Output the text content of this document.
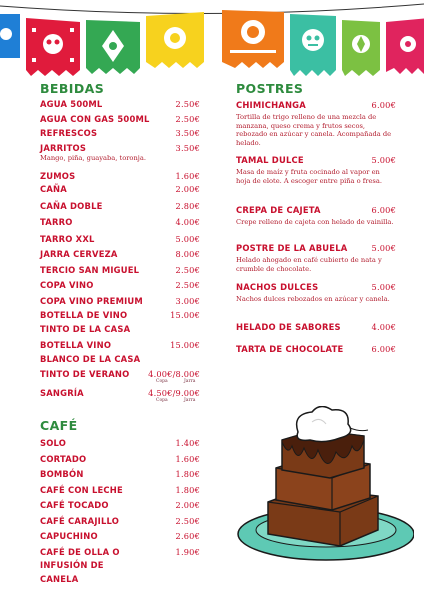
BEBIDAS
AGUA 500ML	2.50€
AGUA CON GAS 500ML	2.50€
REFRESCOS	3.50€
JARRITOS	3.50€
Mango, piña, guayaba, toronja.
ZUMOS	1.60€
CAÑA	2.00€
CAÑA DOBLE	2.80€
TARRO	4.00€
TARRO XXL	5.00€
JARRA CERVEZA	8.00€
TERCIO SAN MIGUEL	2.50€
COPA VINO	2.50€
COPA VINO PREMIUM	3.00€
BOTELLA DE VINO TINTO DE LA CASA
15.00€
BOTELLA VINO BLANCO DE LA CASA
15.00€
TINTO DE VERANO	4.00€/8.00€
Copa	Jarra
SANGRÍA	4.50€/9.00€
Copa	Jarra
CAFÉ
SOLO	1.40€
CORTADO	1.60€
BOMBÓN	1.80€
CAFÉ CON LECHE	1.80€
CAFÉ TOCADO	2.00€
CAFÉ CARAJILLO	2.50€
CAPUCHINO	2.60€
CAFÉ DE OLLA O INFUSIÓN DE CANELA
1.90€
POSTRES
CHIMICHANGA	6.00€
Tortilla de trigo relleno de una mezcla de manzana, queso crema y frutos secos, rebozado en azúcar y canela. Acompañada de helado.
TAMAL DULCE	5.00€
Masa de maíz y fruta cocinado al vapor en hoja de elote. A escoger entre piña o fresa.
CREPA DE CAJETA	6.00€
Crepe relleno de cajeta con helado de vainilla.
POSTRE DE LA ABUELA	5.00€
Helado ahogado en café cubierto de nata y crumble de chocolate.
NACHOS DULCES	5.00€
Nachos dulces rebozados en azúcar y canela.
HELADO DE SABORES	4.00€
TARTA DE CHOCOLATE	6.00€
